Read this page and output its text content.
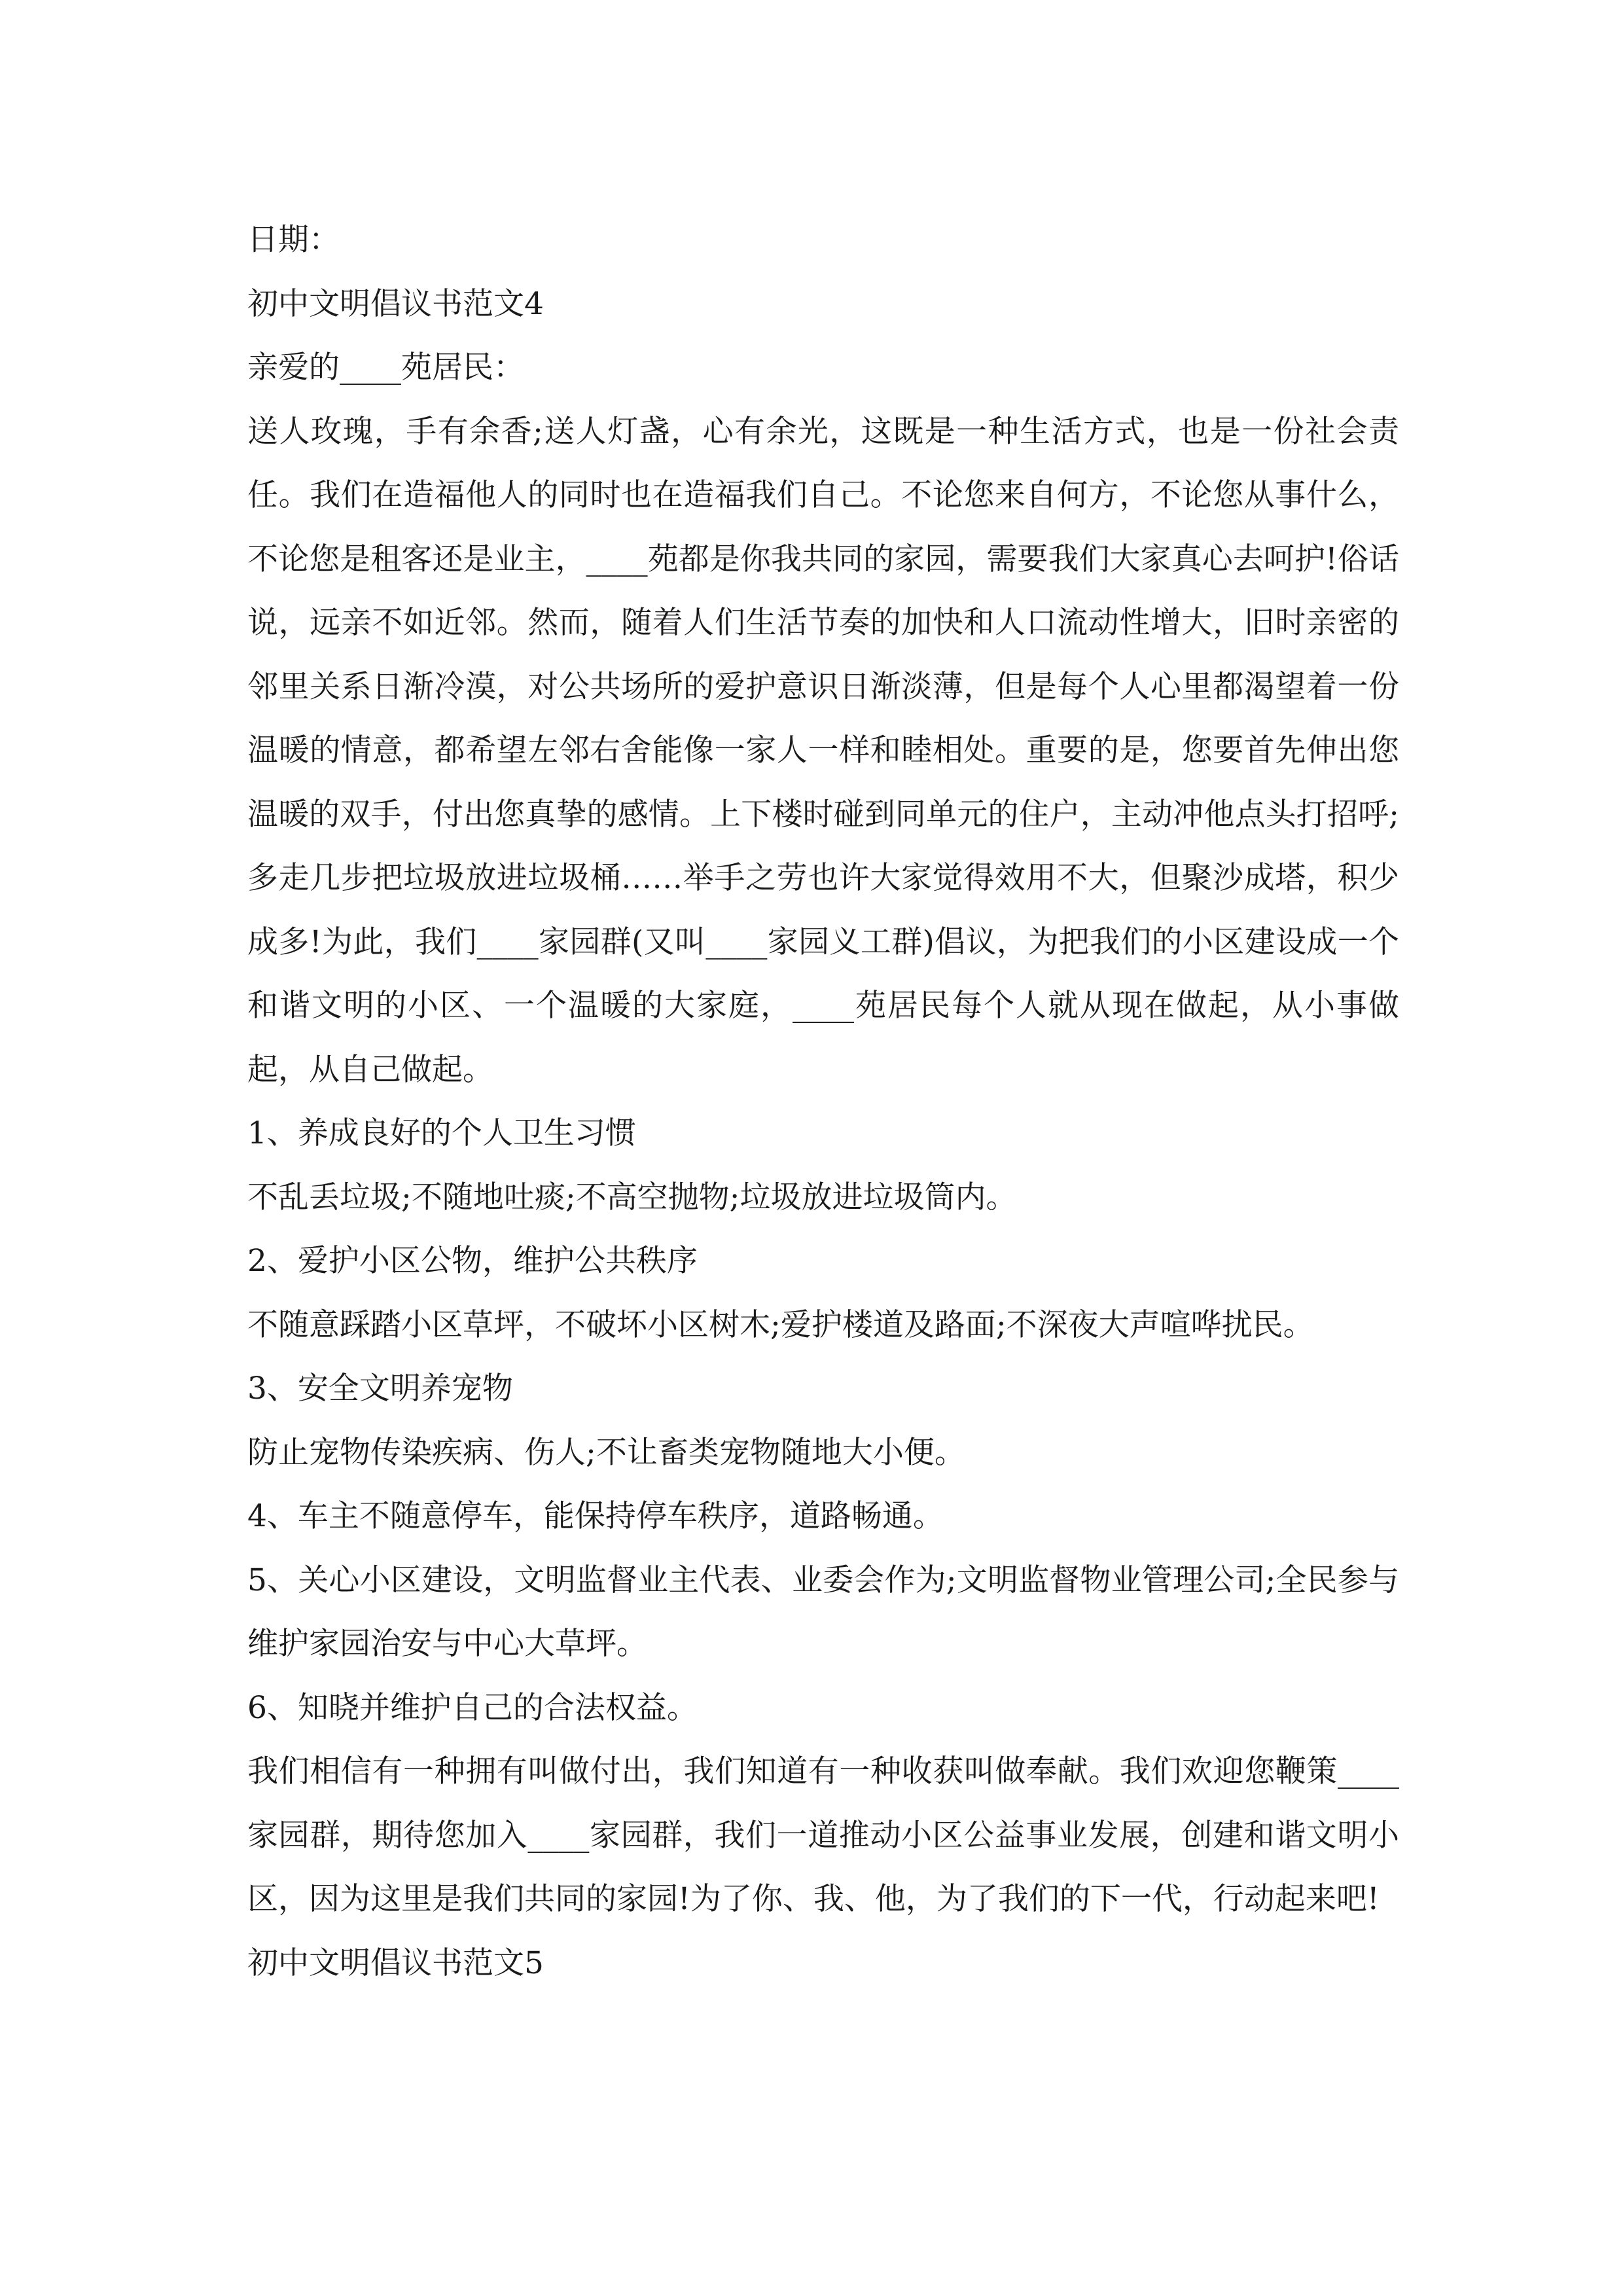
日期：

初中文明倡议书范文4

亲爱的____苑居民：

送人玫瑰，手有余香;送人灯盏，心有余光，这既是一种生活方式，也是一份社会责任。我们在造福他人的同时也在造福我们自己。不论您来自何方，不论您从事什么，不论您是租客还是业主，____苑都是你我共同的家园，需要我们大家真心去呵护!俗话说，远亲不如近邻。然而，随着人们生活节奏的加快和人口流动性增大，旧时亲密的邻里关系日渐冷漠，对公共场所的爱护意识日渐淡薄，但是每个人心里都渴望着一份温暖的情意，都希望左邻右舍能像一家人一样和睦相处。重要的是，您要首先伸出您温暖的双手，付出您真挚的感情。上下楼时碰到同单元的住户，主动冲他点头打招呼;多走几步把垃圾放进垃圾桶……举手之劳也许大家觉得效用不大，但聚沙成塔，积少成多!为此，我们____家园群(又叫____家园义工群)倡议，为把我们的小区建设成一个和谐文明的小区、一个温暖的大家庭，____苑居民每个人就从现在做起，从小事做起，从自己做起。

1、养成良好的个人卫生习惯

不乱丢垃圾;不随地吐痰;不高空抛物;垃圾放进垃圾筒内。

2、爱护小区公物，维护公共秩序

不随意踩踏小区草坪，不破坏小区树木;爱护楼道及路面;不深夜大声喧哗扰民。

3、安全文明养宠物

防止宠物传染疾病、伤人;不让畜类宠物随地大小便。

4、车主不随意停车，能保持停车秩序，道路畅通。

5、关心小区建设，文明监督业主代表、业委会作为;文明监督物业管理公司;全民参与维护家园治安与中心大草坪。

6、知晓并维护自己的合法权益。

我们相信有一种拥有叫做付出，我们知道有一种收获叫做奉献。我们欢迎您鞭策____家园群，期待您加入____家园群，我们一道推动小区公益事业发展，创建和谐文明小区，因为这里是我们共同的家园!为了你、我、他，为了我们的下一代，行动起来吧!

初中文明倡议书范文5
